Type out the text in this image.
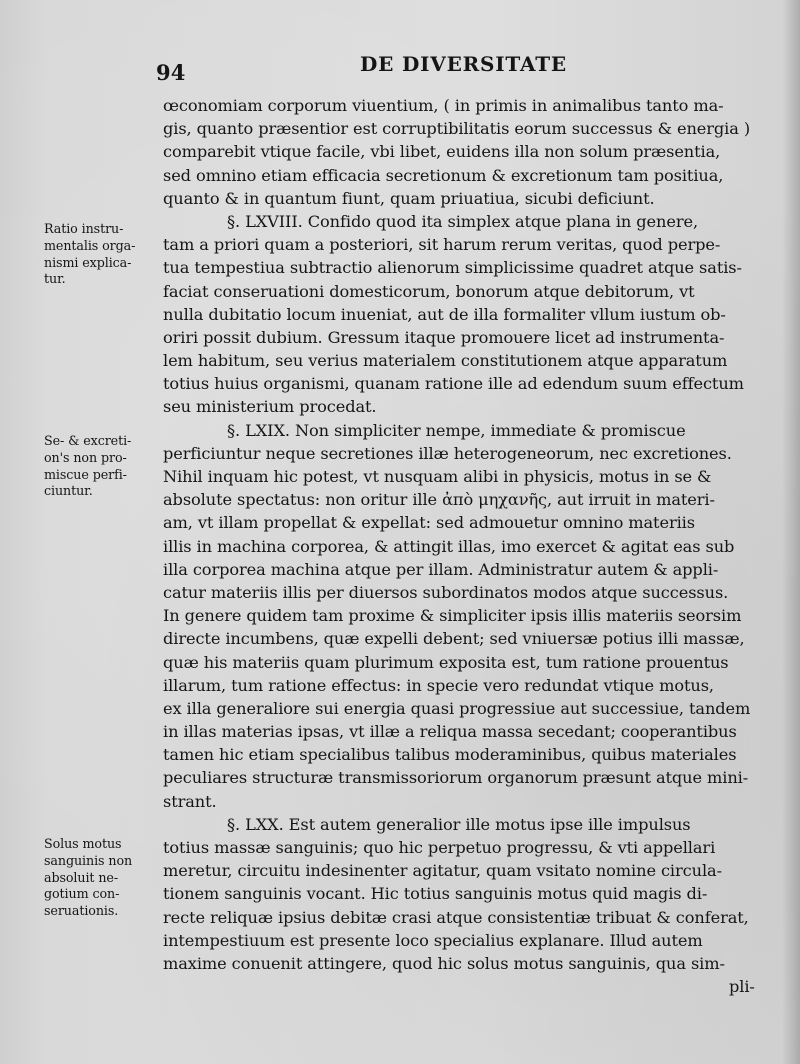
94	DE DIVERSITATE
Ratio instru-
mentalis orga-
nismi explica-
tur.
Se- & excreti-
on's non pro-
miscue perfi-
ciuntur.
Solus motus
sanguinis non
absoluit ne-
gotium con-
seruationis.
œconomiam corporum viuentium, ( in primis in animalibus tanto ma-
gis, quanto præsentior est corruptibilitatis eorum successus & energia )
comparebit vtique facile, vbi libet, euidens illa non solum præsentia,
sed omnino etiam efficacia secretionum & excretionum tam positiua,
quanto & in quantum fiunt, quam priuatiua, sicubi deficiunt.
§. LXVIII. Confido quod ita simplex atque plana in genere,
tam a priori quam a posteriori, sit harum rerum veritas, quod perpe-
tua tempestiua subtractio alienorum simplicissime quadret atque satis-
faciat conseruationi domesticorum, bonorum atque debitorum, vt
nulla dubitatio locum inueniat, aut de illa formaliter vllum iustum ob-
oriri possit dubium. Gressum itaque promouere licet ad instrumenta-
lem habitum, seu verius materialem constitutionem atque apparatum
totius huius organismi, quanam ratione ille ad edendum suum effectum
seu ministerium procedat.
§. LXIX. Non simpliciter nempe, immediate & promiscue
perficiuntur neque secretiones illæ heterogeneorum, nec excretiones.
Nihil inquam hic potest, vt nusquam alibi in physicis, motus in se &
absolute spectatus: non oritur ille ἀπὸ μηχανῆς, aut irruit in materi-
am, vt illam propellat & expellat: sed admouetur omnino materiis
illis in machina corporea, & attingit illas, imo exercet & agitat eas sub
illa corporea machina atque per illam. Administratur autem & appli-
catur materiis illis per diuersos subordinatos modos atque successus.
In genere quidem tam proxime & simpliciter ipsis illis materiis seorsim
directe incumbens, quæ expelli debent; sed vniuersæ potius illi massæ,
quæ his materiis quam plurimum exposita est, tum ratione prouentus
illarum, tum ratione effectus: in specie vero redundat vtique motus,
ex illa generaliore sui energia quasi progressiue aut successiue, tandem
in illas materias ipsas, vt illæ a reliqua massa secedant; cooperantibus
tamen hic etiam specialibus talibus moderaminibus, quibus materiales
peculiares structuræ transmissoriorum organorum præsunt atque mini-
strant.
§. LXX. Est autem generalior ille motus ipse ille impulsus
totius massæ sanguinis; quo hic perpetuo progressu, & vti appellari
meretur, circuitu indesinenter agitatur, quam vsitato nomine circula-
tionem sanguinis vocant. Hic totius sanguinis motus quid magis di-
recte reliquæ ipsius debitæ crasi atque consistentiæ tribuat & conferat,
intempestiuum est presente loco specialius explanare. Illud autem
maxime conuenit attingere, quod hic solus motus sanguinis, qua sim-
pli-
